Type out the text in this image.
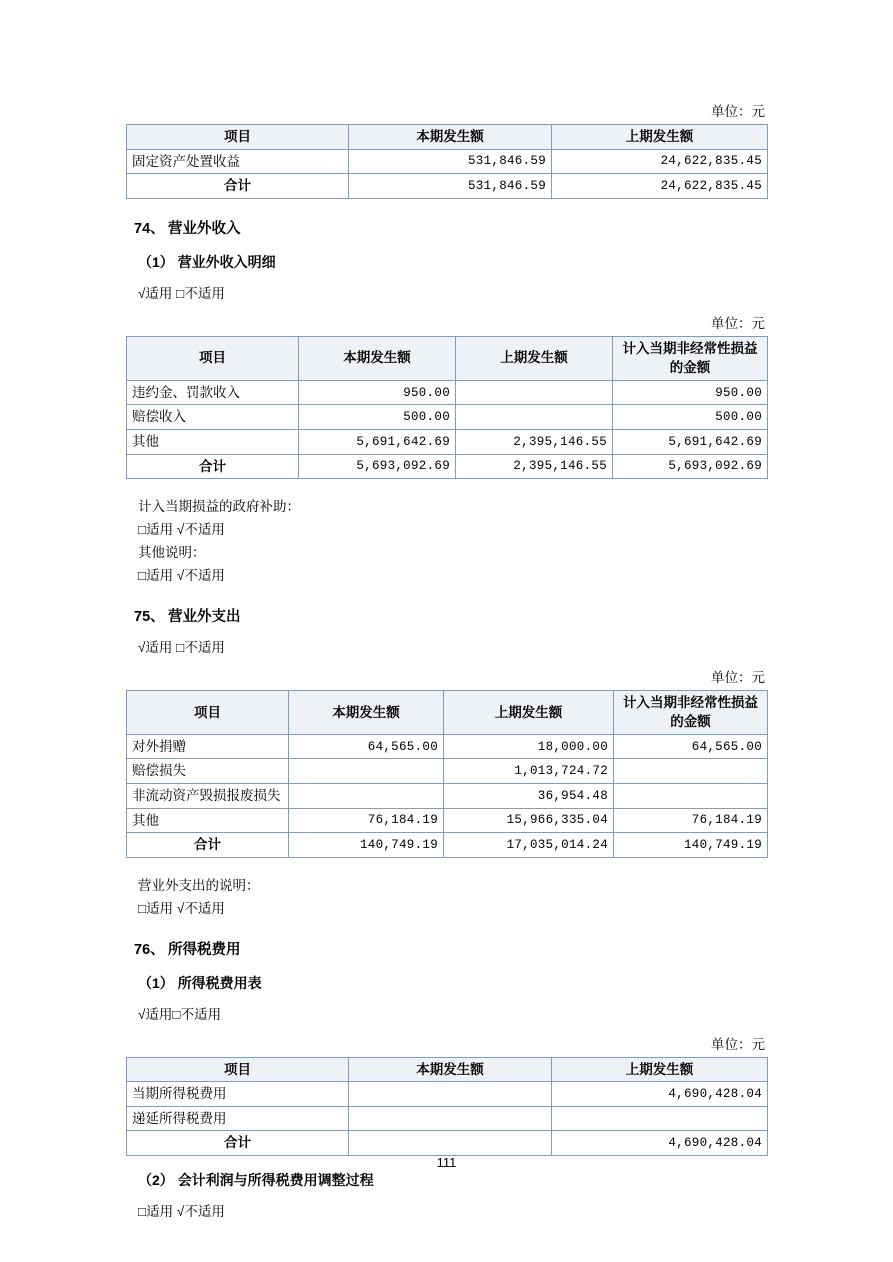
单位：元
项目	本期发生额	上期发生额
固定资产处置收益	531,846.59	24,622,835.45
合计	531,846.59	24,622,835.45
74、 营业外收入
（1） 营业外收入明细
√适用 □不适用
单位：元
项目	本期发生额	上期发生额	计入当期非经常性损益的金额
违约金、罚款收入	950.00		950.00
赔偿收入	500.00		500.00
其他	5,691,642.69	2,395,146.55	5,691,642.69
合计	5,693,092.69	2,395,146.55	5,693,092.69
计入当期损益的政府补助：
□适用 √不适用
其他说明：
□适用 √不适用
75、 营业外支出
√适用 □不适用
单位：元
项目	本期发生额	上期发生额	计入当期非经常性损益的金额
对外捐赠	64,565.00	18,000.00	64,565.00
赔偿损失		1,013,724.72	
非流动资产毁损报废损失		36,954.48	
其他	76,184.19	15,966,335.04	76,184.19
合计	140,749.19	17,035,014.24	140,749.19
营业外支出的说明：
□适用 √不适用
76、 所得税费用
（1） 所得税费用表
√适用□不适用
单位：元
项目	本期发生额	上期发生额
当期所得税费用		4,690,428.04
递延所得税费用		
合计		4,690,428.04
（2） 会计利润与所得税费用调整过程
□适用 √不适用
111
